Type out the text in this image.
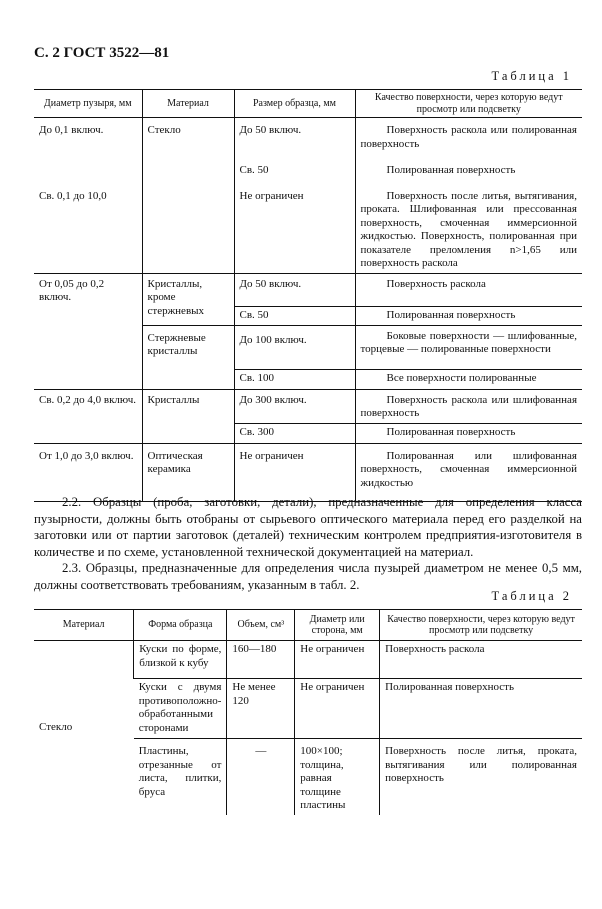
С. 2 ГОСТ 3522—81
Таблица 1
Диаметр пузыря, мм	Материал	Размер образца, мм	Качество поверхности, через которую ведут просмотр или подсветку
До 0,1 включ.	Стекло	До 50 включ.	Поверхность раскола или полированная поверхность
		Св. 50	Полированная поверхность
Св. 0,1 до 10,0		Не ограничен	Поверхность после литья, вытягивания, проката. Шлифованная или прессованная поверхность, смоченная иммерсионной жидкостью. Поверхность, полированная при показателе преломления n>1,65 или поверхность раскола
От 0,05 до 0,2 включ.	Кристаллы, кроме стержневых	До 50 включ.	Поверхность раскола
		Св. 50	Полированная поверхность
	Стержневые кристаллы	До 100 включ.	Боковые поверхности — шлифованные, торцевые — полированные поверхности
		Св. 100	Все поверхности полированные
Св. 0,2 до 4,0 включ.	Кристаллы	До 300 включ.	Поверхность раскола или шлифованная поверхность
		Св. 300	Полированная поверхность
От 1,0 до 3,0 включ.	Оптическая керамика	Не ограничен	Полированная или шлифованная поверхность, смоченная иммерсионной жидкостью

2.2. Образцы (проба, заготовки, детали), предназначенные для определения класса пузырности, должны быть отобраны от сырьевого оптического материала перед его разделкой на заготовки или от партии заготовок (деталей) техническим контролем предприятия-изготовителя в количестве и по схеме, установленной технической документацией на материал.

2.3. Образцы, предназначенные для определения числа пузырей диаметром не менее 0,5 мм, должны соответствовать требованиям, указанным в табл. 2.

Таблица 2
Материал	Форма образца	Объем, см³	Диаметр или сторона, мм	Качество поверхности, через которую ведут просмотр или подсветку
Стекло	Куски по форме, близкой к кубу	160—180	Не ограничен	Поверхность раскола
	Куски с двумя противоположно-обработанными сторонами	Не менее 120	Не ограничен	Полированная поверхность
	Пластины, отрезанные от листа, плитки, бруса	—	100×100; толщина, равная толщине пластины	Поверхность после литья, проката, вытягивания или полированная поверхность
